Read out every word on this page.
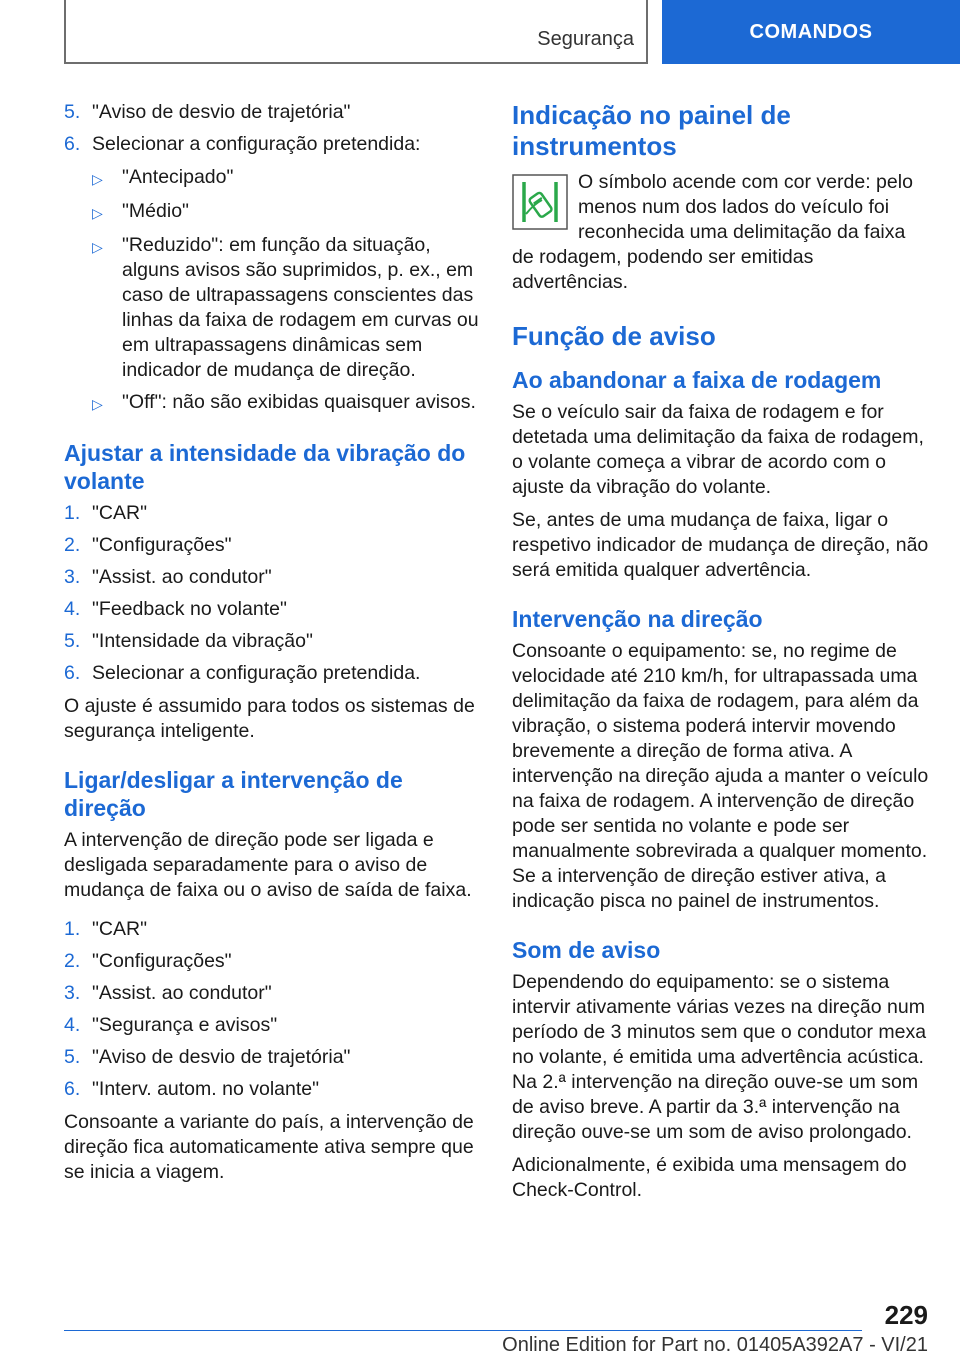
Segurança	COMANDOS
5. "Aviso de desvio de trajetória"
6. Selecionar a configuração pretendida:
▷ "Antecipado"
▷ "Médio"
▷ "Reduzido": em função da situação, alguns avisos são suprimidos, p. ex., em caso de ultrapassagens conscientes das linhas da faixa de rodagem em curvas ou em ultrapassagens dinâmicas sem indicador de mudança de direção.
▷ "Off": não são exibidas quaisquer avisos.
Ajustar a intensidade da vibração do volante
1. "CAR"
2. "Configurações"
3. "Assist. ao condutor"
4. "Feedback no volante"
5. "Intensidade da vibração"
6. Selecionar a configuração pretendida.

O ajuste é assumido para todos os sistemas de segurança inteligente.

Ligar/desligar a intervenção de direção

A intervenção de direção pode ser ligada e desligada separadamente para o aviso de mudança de faixa ou o aviso de saída de faixa.

1. "CAR"
2. "Configurações"
3. "Assist. ao condutor"
4. "Segurança e avisos"
5. "Aviso de desvio de trajetória"
6. "Interv. autom. no volante"

Consoante a variante do país, a intervenção de direção fica automaticamente ativa sempre que se inicia a viagem.

Indicação no painel de instrumentos

O símbolo acende com cor verde: pelo menos num dos lados do veículo foi reconhecida uma delimitação da faixa de rodagem, podendo ser emitidas advertências.

Função de aviso
Ao abandonar a faixa de rodagem

Se o veículo sair da faixa de rodagem e for detetada uma delimitação da faixa de rodagem, o volante começa a vibrar de acordo com o ajuste da vibração do volante.

Se, antes de uma mudança de faixa, ligar o respetivo indicador de mudança de direção, não será emitida qualquer advertência.

Intervenção na direção

Consoante o equipamento: se, no regime de velocidade até 210 km/h, for ultrapassada uma delimitação da faixa de rodagem, para além da vibração, o sistema poderá intervir movendo brevemente a direção de forma ativa. A intervenção na direção ajuda a manter o veículo na faixa de rodagem. A intervenção de direção pode ser sentida no volante e pode ser manualmente sobrevirada a qualquer momento. Se a intervenção de direção estiver ativa, a indicação pisca no painel de instrumentos.

Som de aviso

Dependendo do equipamento: se o sistema intervir ativamente várias vezes na direção num período de 3 minutos sem que o condutor mexa no volante, é emitida uma advertência acústica. Na 2.ª intervenção na direção ouve-se um som de aviso breve. A partir da 3.ª intervenção na direção ouve-se um som de aviso prolongado.

Adicionalmente, é exibida uma mensagem do Check-Control.

229
Online Edition for Part no. 01405A392A7 - VI/21
